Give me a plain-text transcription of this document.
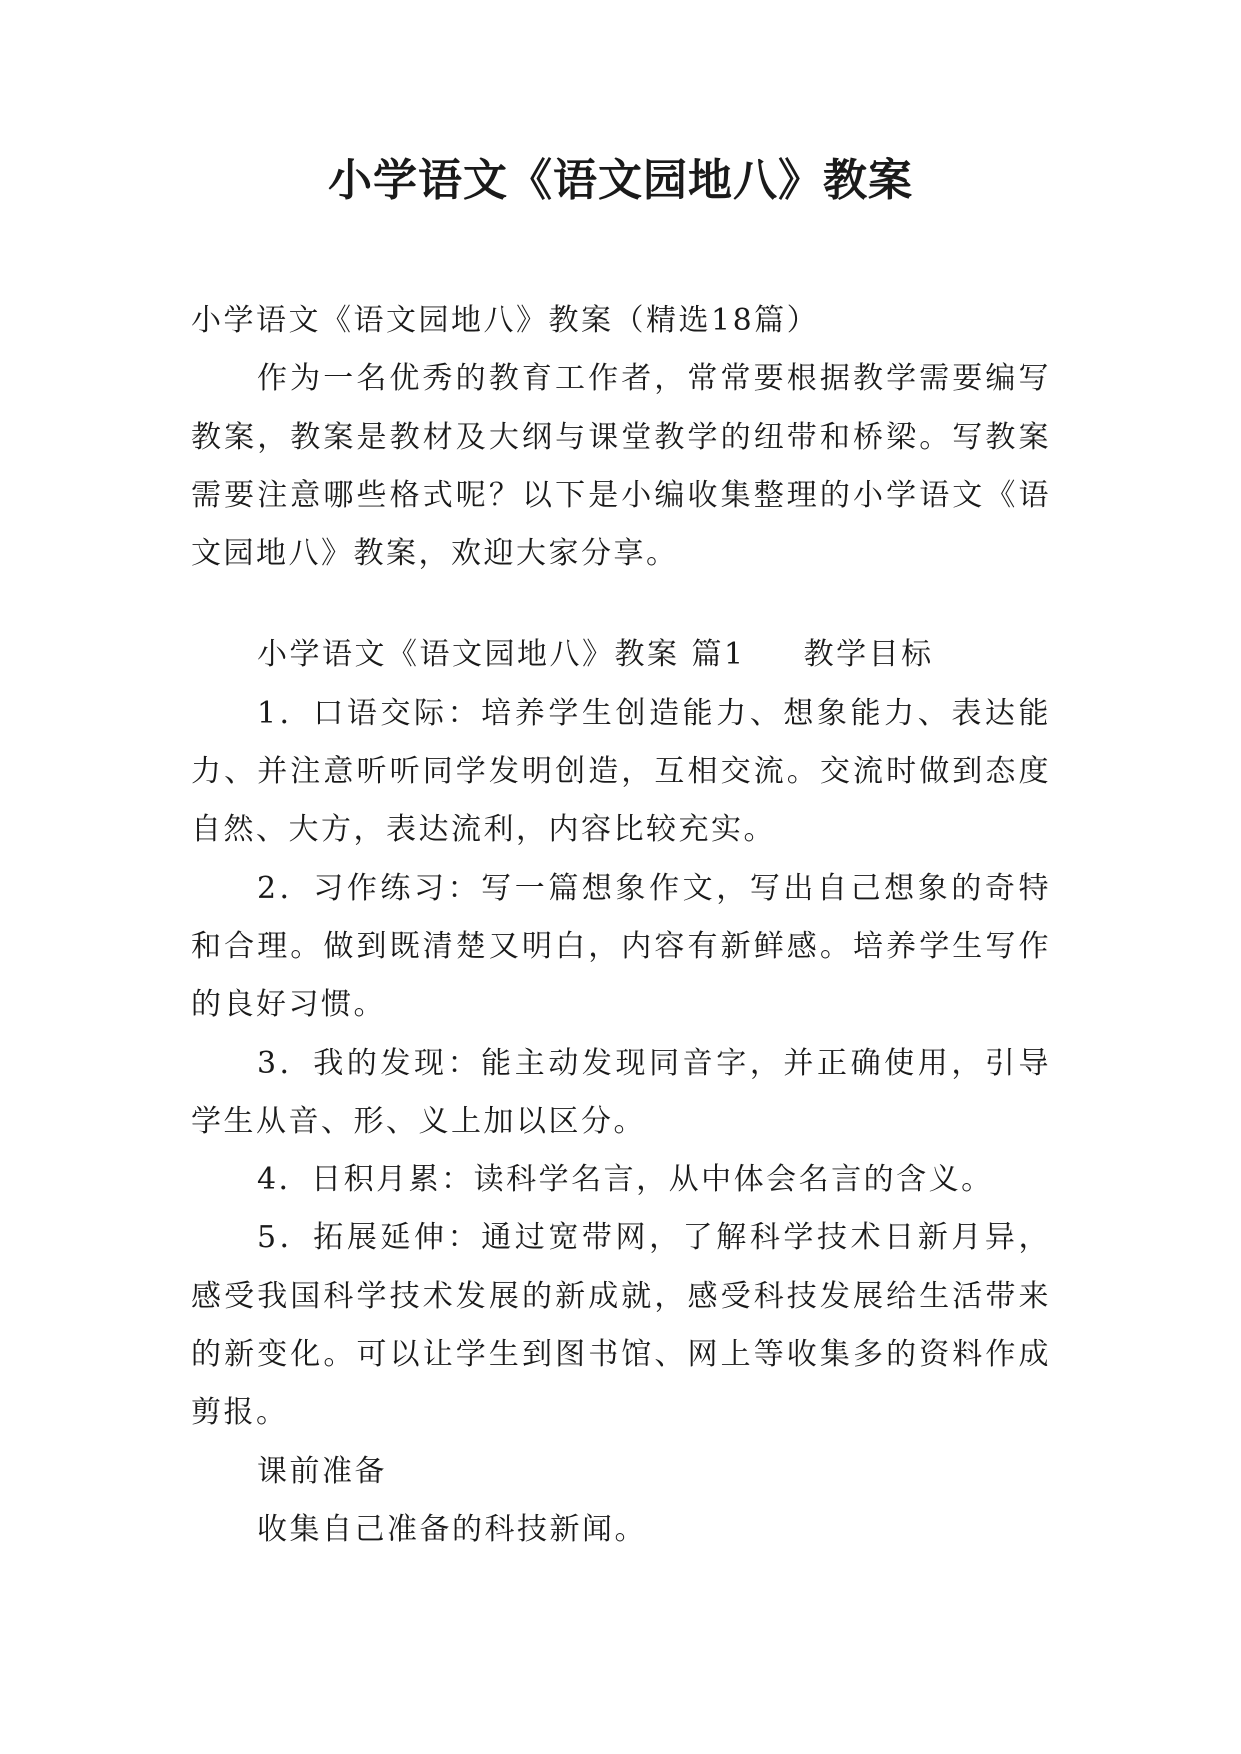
小学语文《语文园地八》教案

小学语文《语文园地八》教案（精选18篇）

作为一名优秀的教育工作者，常常要根据教学需要编写教案，教案是教材及大纲与课堂教学的纽带和桥梁。写教案需要注意哪些格式呢？以下是小编收集整理的小学语文《语文园地八》教案，欢迎大家分享。

小学语文《语文园地八》教案 篇1 教学目标

1．口语交际：培养学生创造能力、想象能力、表达能力、并注意听听同学发明创造，互相交流。交流时做到态度自然、大方，表达流利，内容比较充实。

2．习作练习：写一篇想象作文，写出自己想象的奇特和合理。做到既清楚又明白，内容有新鲜感。培养学生写作的良好习惯。

3．我的发现：能主动发现同音字，并正确使用，引导学生从音、形、义上加以区分。

4．日积月累：读科学名言，从中体会名言的含义。

5．拓展延伸：通过宽带网，了解科学技术日新月异，感受我国科学技术发展的新成就，感受科技发展给生活带来的新变化。可以让学生到图书馆、网上等收集多的资料作成剪报。

课前准备

收集自己准备的科技新闻。
